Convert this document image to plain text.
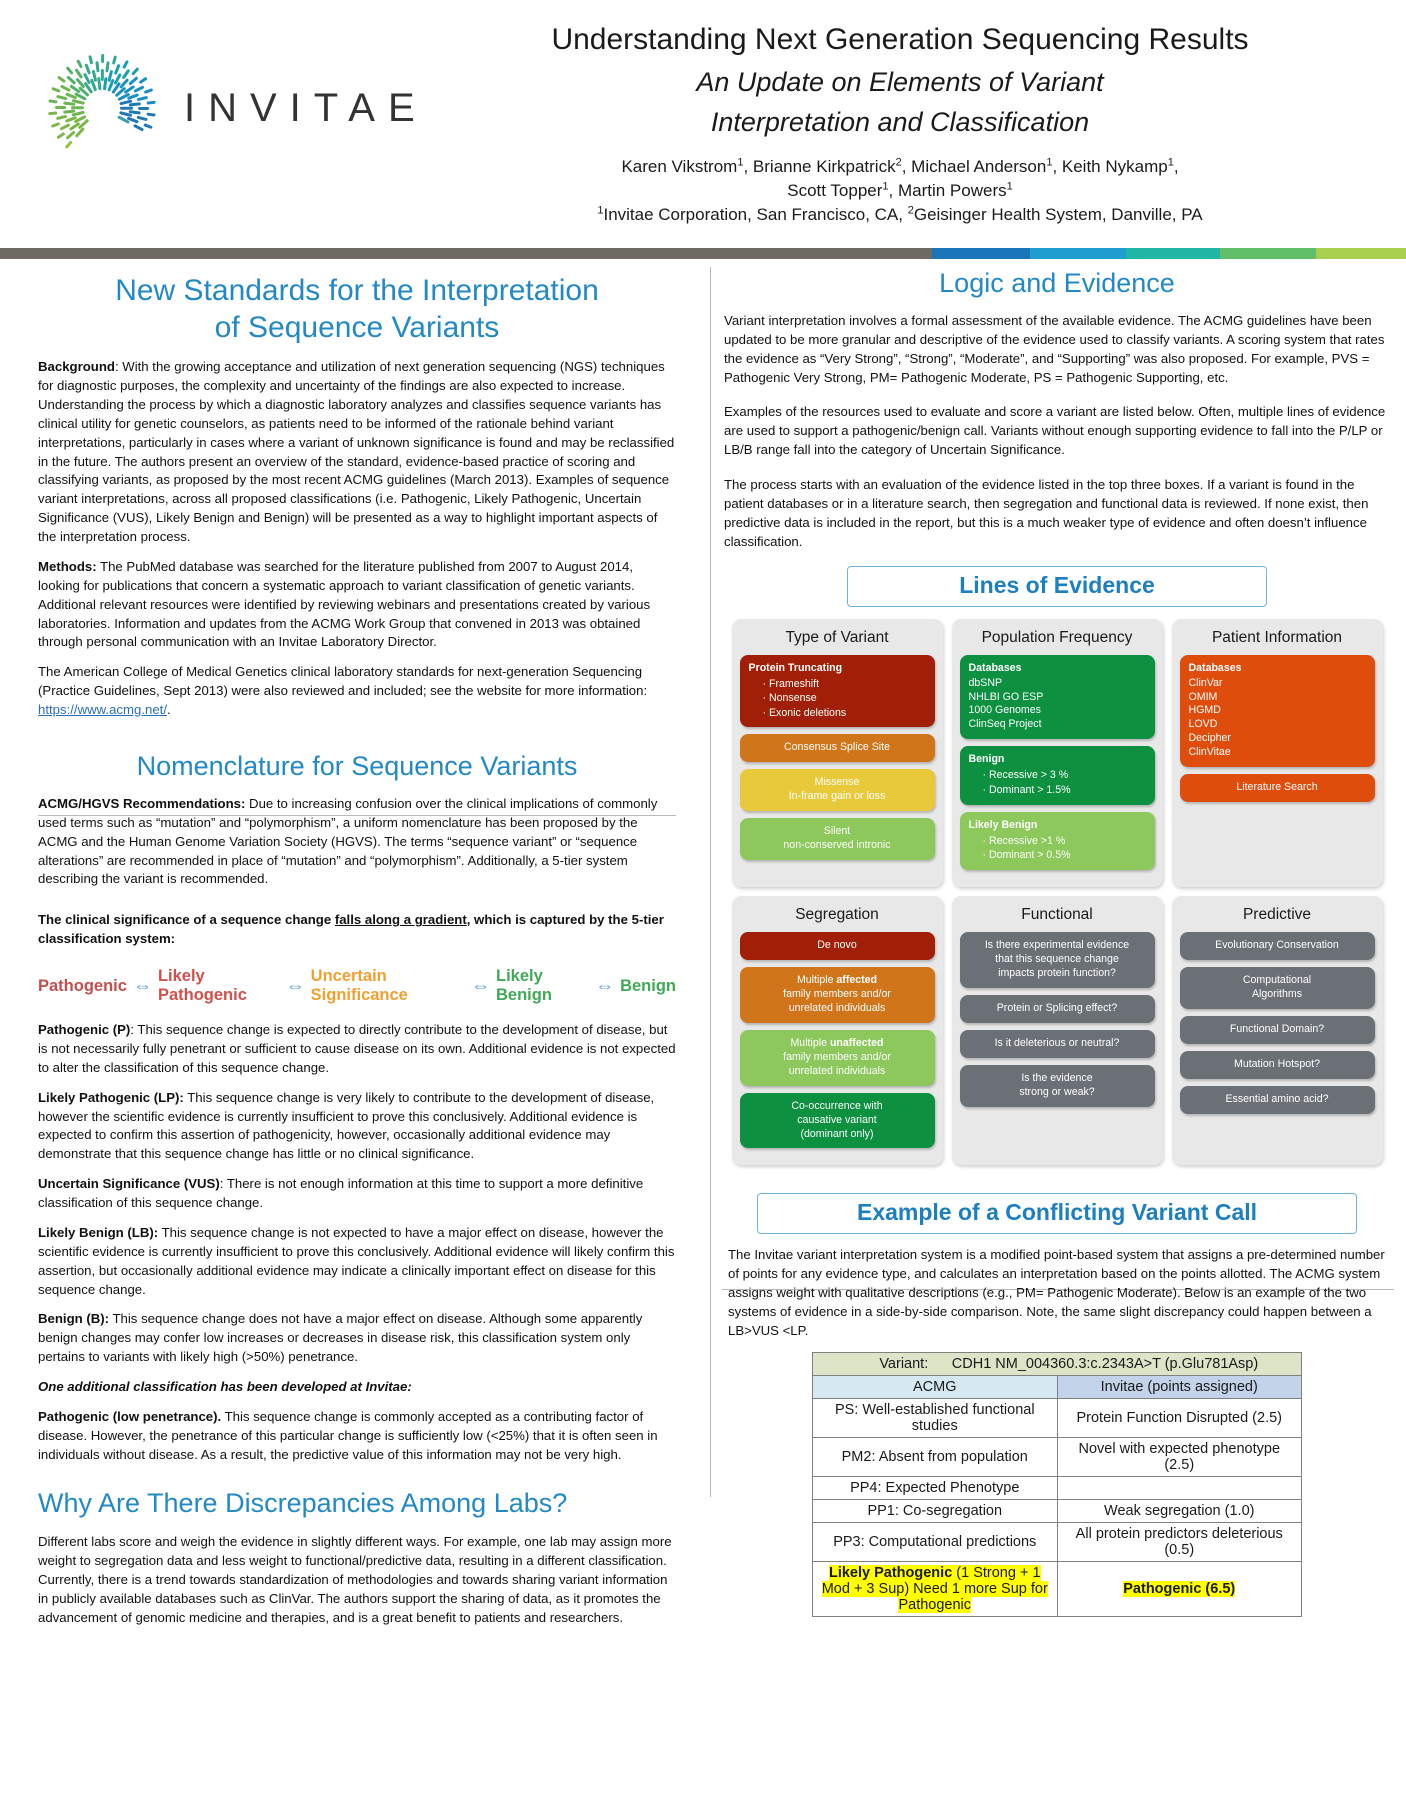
INVITAE
Understanding Next Generation Sequencing Results
An Update on Elements of Variant
Interpretation and Classification
Karen Vikstrom$^1$, Brianne Kirkpatrick$^2$, Michael Anderson$^1$, Keith Nykamp$^1$,
Scott Topper$^1$, Martin Powers$^1$
$^1$Invitae Corporation, San Francisco, CA, $^2$Geisinger Health System, Danville, PA
New Standards for the Interpretation
of Sequence Variants

Background: With the growing acceptance and utilization of next generation sequencing (NGS) techniques for diagnostic purposes, the complexity and uncertainty of the findings are also expected to increase. Understanding the process by which a diagnostic laboratory analyzes and classifies sequence variants has clinical utility for genetic counselors, as patients need to be informed of the rationale behind variant interpretations, particularly in cases where a variant of unknown significance is found and may be reclassified in the future. The authors present an overview of the standard, evidence-based practice of scoring and classifying variants, as proposed by the most recent ACMG guidelines (March 2013). Examples of sequence variant interpretations, across all proposed classifications (i.e. Pathogenic, Likely Pathogenic, Uncertain Significance (VUS), Likely Benign and Benign) will be presented as a way to highlight important aspects of the interpretation process.

Methods: The PubMed database was searched for the literature published from 2007 to August 2014, looking for publications that concern a systematic approach to variant classification of genetic variants. Additional relevant resources were identified by reviewing webinars and presentations created by various laboratories. Information and updates from the ACMG Work Group that convened in 2013 was obtained through personal communication with an Invitae Laboratory Director.

The American College of Medical Genetics clinical laboratory standards for next-generation Sequencing (Practice Guidelines, Sept 2013) were also reviewed and included; see the website for more information: https://www.acmg.net/.

Nomenclature for Sequence Variants

ACMG/HGVS Recommendations: Due to increasing confusion over the clinical implications of commonly used terms such as “mutation” and “polymorphism”, a uniform nomenclature has been proposed by the ACMG and the Human Genome Variation Society (HGVS). The terms “sequence variant” or “sequence alterations” are recommended in place of “mutation” and “polymorphism”. Additionally, a 5-tier system describing the variant is recommended.

The clinical significance of a sequence change falls along a gradient, which is captured by the 5-tier classification system:

Pathogenic ⇔ Likely Pathogenic	⇔ Uncertain Significance	⇔ Likely Benign	⇔ Benign

Pathogenic (P): This sequence change is expected to directly contribute to the development of disease, but is not necessarily fully penetrant or sufficient to cause disease on its own. Additional evidence is not expected to alter the classification of this sequence change.

Likely Pathogenic (LP): This sequence change is very likely to contribute to the development of disease, however the scientific evidence is currently insufficient to prove this conclusively. Additional evidence is expected to confirm this assertion of pathogenicity, however, occasionally additional evidence may demonstrate that this sequence change has little or no clinical significance.

Uncertain Significance (VUS): There is not enough information at this time to support a more definitive classification of this sequence change.

Likely Benign (LB): This sequence change is not expected to have a major effect on disease, however the scientific evidence is currently insufficient to prove this conclusively. Additional evidence will likely confirm this assertion, but occasionally additional evidence may indicate a clinically important effect on disease for this sequence change.

Benign (B): This sequence change does not have a major effect on disease. Although some apparently benign changes may confer low increases or decreases in disease risk, this classification system only pertains to variants with likely high (>50%) penetrance.

One additional classification has been developed at Invitae:

Pathogenic (low penetrance). This sequence change is commonly accepted as a contributing factor of disease. However, the penetrance of this particular change is sufficiently low (<25%) that it is often seen in individuals without disease. As a result, the predictive value of this information may not be very high.

Why Are There Discrepancies Among Labs?

Different labs score and weigh the evidence in slightly different ways. For example, one lab may assign more weight to segregation data and less weight to functional/predictive data, resulting in a different classification. Currently, there is a trend towards standardization of methodologies and towards sharing variant information in publicly available databases such as ClinVar. The authors support the sharing of data, as it promotes the advancement of genomic medicine and therapies, and is a great benefit to patients and researchers.

Logic and Evidence

Variant interpretation involves a formal assessment of the available evidence. The ACMG guidelines have been updated to be more granular and descriptive of the evidence used to classify variants. A scoring system that rates the evidence as “Very Strong”, “Strong”, “Moderate”, and “Supporting” was also proposed. For example, PVS = Pathogenic Very Strong, PM= Pathogenic Moderate, PS = Pathogenic Supporting, etc.

Examples of the resources used to evaluate and score a variant are listed below. Often, multiple lines of evidence are used to support a pathogenic/benign call. Variants without enough supporting evidence to fall into the P/LP or LB/B range fall into the category of Uncertain Significance.

The process starts with an evaluation of the evidence listed in the top three boxes. If a variant is found in the patient databases or in a literature search, then segregation and functional data is reviewed. If none exist, then predictive data is included in the report, but this is a much weaker type of evidence and often doesn’t influence classification.

Lines of Evidence
Type of Variant
Protein Truncating
· Frameshift
· Nonsense
· Exonic deletions
Consensus Splice Site
Missense
In-frame gain or loss
Silent
non-conserved intronic
Population Frequency
Databases
dbSNP
NHLBI GO ESP
1000 Genomes
ClinSeq Project
Benign
· Recessive > 3 %
· Dominant > 1.5%
Likely Benign
· Recessive >1 %
· Dominant > 0.5%
Patient Information
Databases
ClinVar
OMIM
HGMD
LOVD
Decipher
ClinVitae
Literature Search
Segregation
De novo
Multiple affected
family members and/or
unrelated individuals
Multiple unaffected
family members and/or
unrelated individuals
Co-occurrence with
causative variant
(dominant only)
Functional
Is there experimental evidence
that this sequence change
impacts protein function?
Protein or Splicing effect?
Is it deleterious or neutral?
Is the evidence
strong or weak?
Predictive
Evolutionary Conservation
Computational
Algorithms
Functional Domain?
Mutation Hotspot?
Essential amino acid?
Example of a Conflicting Variant Call

The Invitae variant interpretation system is a modified point-based system that assigns a pre-determined number of points for any evidence type, and calculates an interpretation based on the points allotted. The ACMG system assigns weight with qualitative descriptions (e.g., PM= Pathogenic Moderate). Below is an example of the two systems of evidence in a side-by-side comparison. Note, the same slight discrepancy could happen between a LB>VUS <LP.

Variant: CDH1 NM_004360.3:c.2343A>T (p.Glu781Asp)	
ACMG	Invitae (points assigned)
PS: Well-established functional studies	Protein Function Disrupted (2.5)
PM2: Absent from population	Novel with expected phenotype (2.5)
PP4: Expected Phenotype	
PP1: Co-segregation	Weak segregation (1.0)
PP3: Computational predictions	All protein predictors deleterious (0.5)
Likely Pathogenic (1 Strong + 1 Mod + 3 Sup) Need 1 more Sup for Pathogenic	Pathogenic (6.5)
